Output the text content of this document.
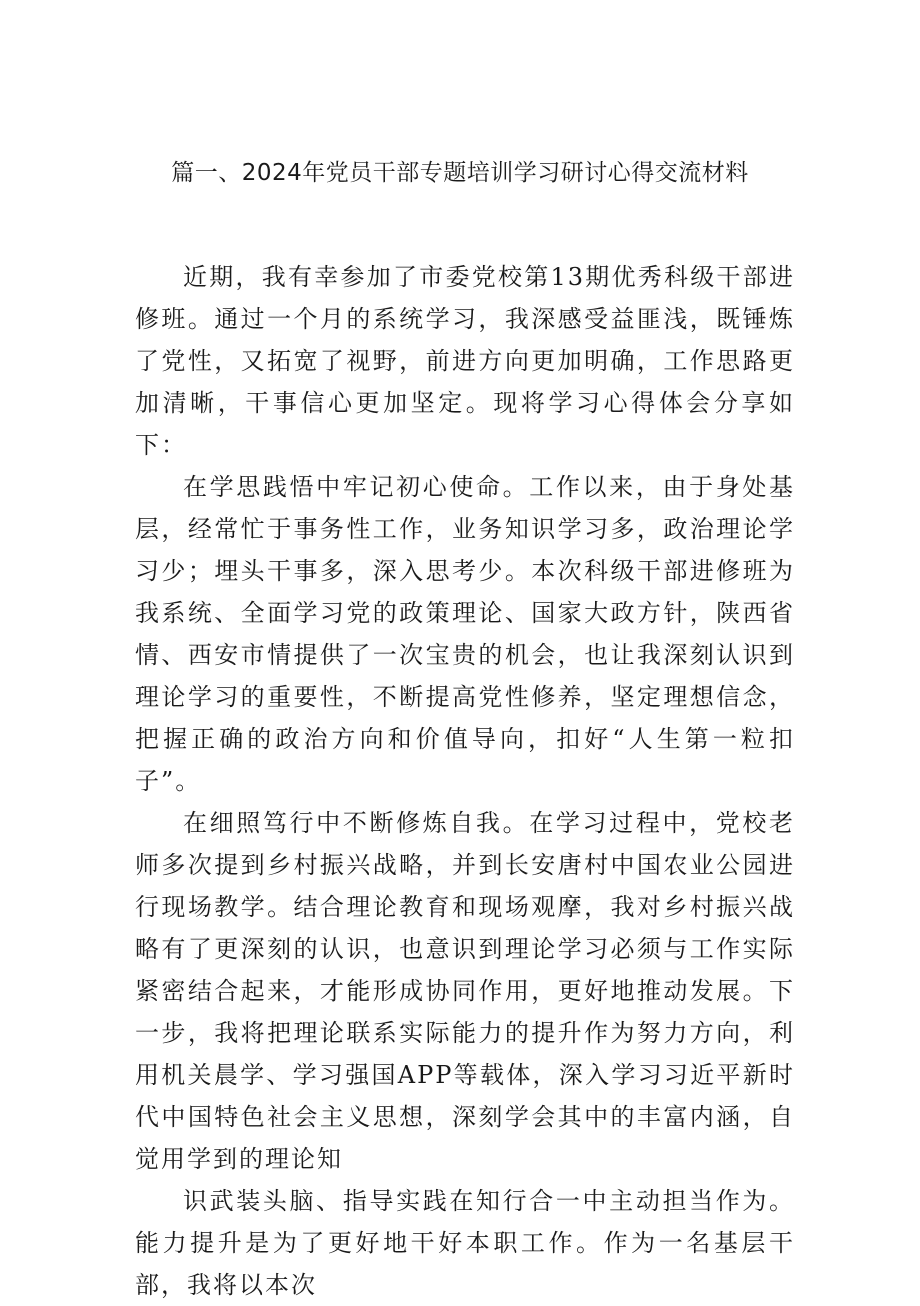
篇一、2024年党员干部专题培训学习研讨心得交流材料

近期，我有幸参加了市委党校第13期优秀科级干部进修班。通过一个月的系统学习，我深感受益匪浅，既锤炼了党性，又拓宽了视野，前进方向更加明确，工作思路更加清晰，干事信心更加坚定。现将学习心得体会分享如下：

在学思践悟中牢记初心使命。工作以来，由于身处基层，经常忙于事务性工作，业务知识学习多，政治理论学习少；埋头干事多，深入思考少。本次科级干部进修班为我系统、全面学习党的政策理论、国家大政方针，陕西省情、西安市情提供了一次宝贵的机会，也让我深刻认识到理论学习的重要性，不断提高党性修养，坚定理想信念，把握正确的政治方向和价值导向，扣好“人生第一粒扣子”。

在细照笃行中不断修炼自我。在学习过程中，党校老师多次提到乡村振兴战略，并到长安唐村中国农业公园进行现场教学。结合理论教育和现场观摩，我对乡村振兴战略有了更深刻的认识，也意识到理论学习必须与工作实际紧密结合起来，才能形成协同作用，更好地推动发展。下一步，我将把理论联系实际能力的提升作为努力方向，利用机关晨学、学习强国APP等载体，深入学习习近平新时代中国特色社会主义思想，深刻学会其中的丰富内涵，自觉用学到的理论知

识武装头脑、指导实践在知行合一中主动担当作为。能力提升是为了更好地干好本职工作。作为一名基层干部，我将以本次
